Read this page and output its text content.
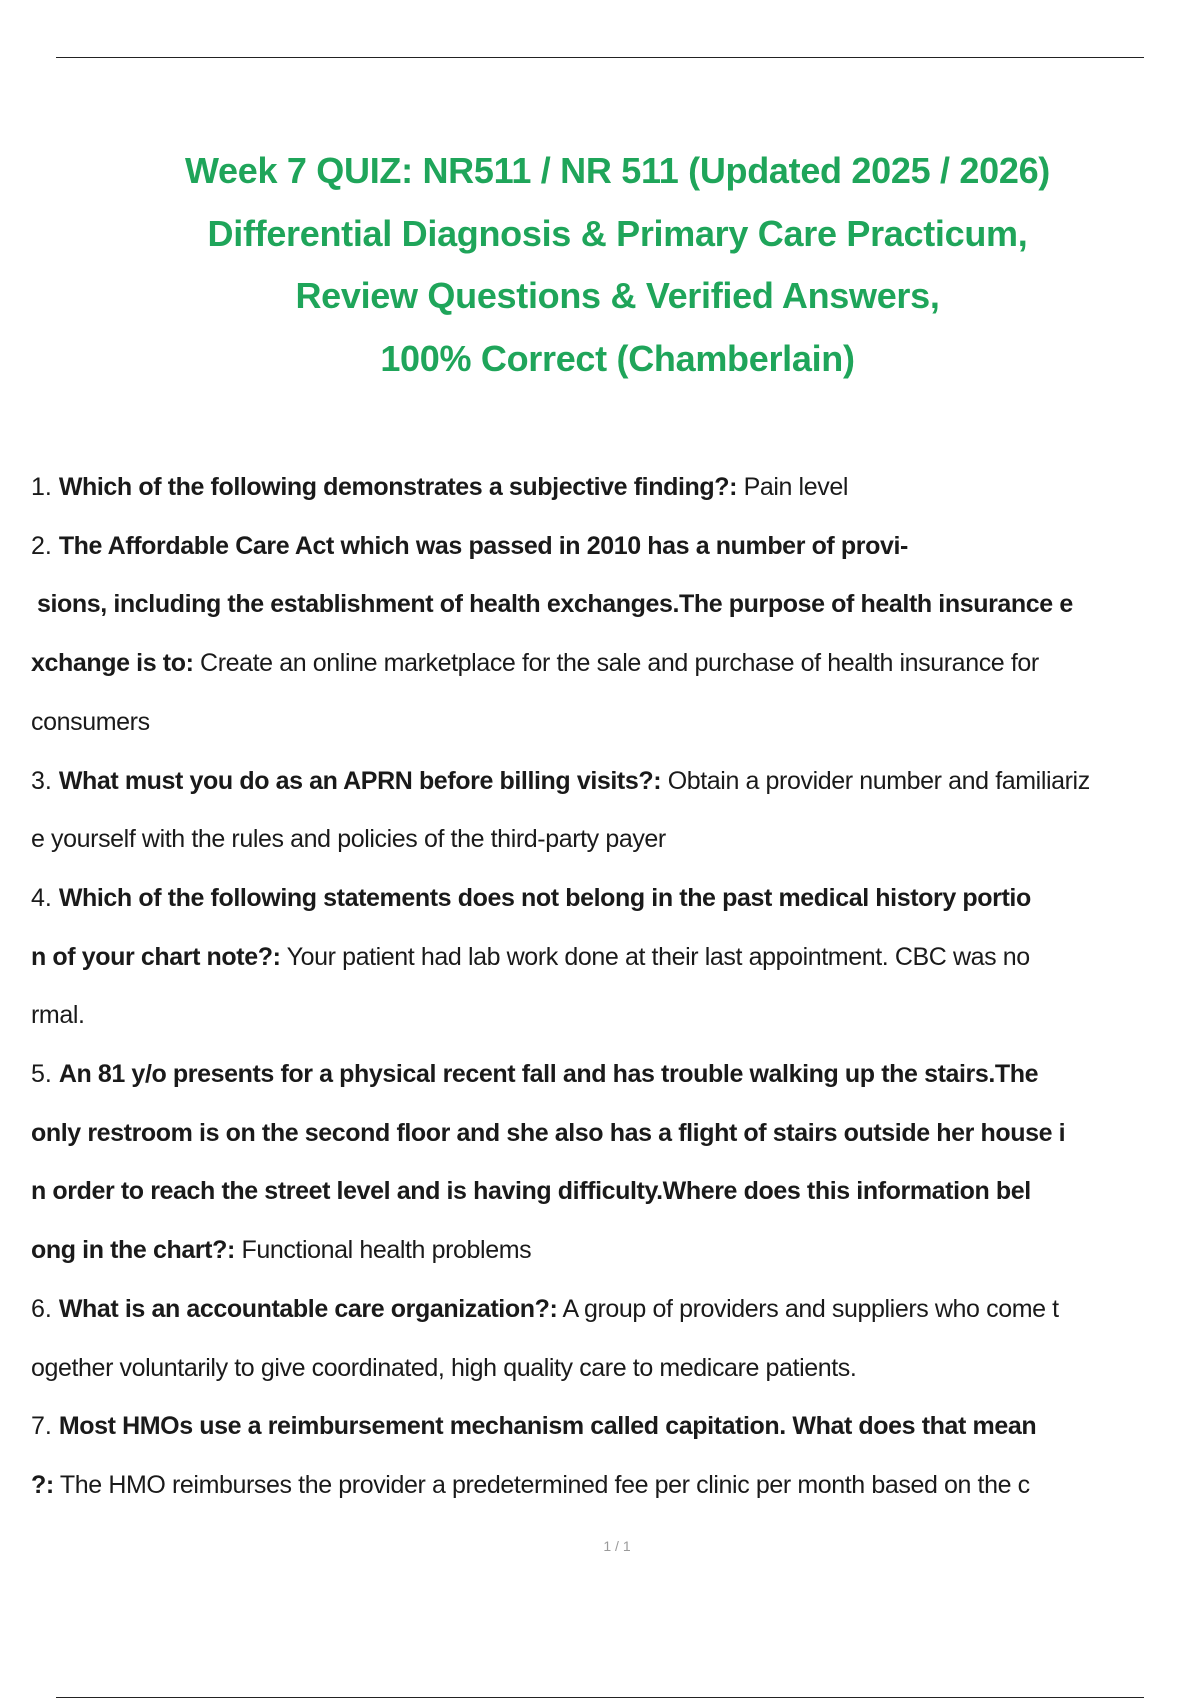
Week 7 QUIZ: NR511 / NR 511 (Updated 2025 / 2026)
Differential Diagnosis & Primary Care Practicum,
Review Questions & Verified Answers,
100% Correct (Chamberlain)
1. Which of the following demonstrates a subjective finding?: Pain level
2. The Affordable Care Act which was passed in 2010 has a number of provi-
sions, including the establishment of health exchanges.The purpose of health insurance e
xchange is to: Create an online marketplace for the sale and purchase of health insurance for
consumers
3. What must you do as an APRN before billing visits?: Obtain a provider number and familiariz
e yourself with the rules and policies of the third-party payer
4. Which of the following statements does not belong in the past medical history portio
n of your chart note?: Your patient had lab work done at their last appointment. CBC was no
rmal.
5. An 81 y/o presents for a physical recent fall and has trouble walking up the stairs.The
only restroom is on the second floor and she also has a flight of stairs outside her house i
n order to reach the street level and is having difficulty.Where does this information bel
ong in the chart?: Functional health problems
6. What is an accountable care organization?: A group of providers and suppliers who come t
ogether voluntarily to give coordinated, high quality care to medicare patients.
7. Most HMOs use a reimbursement mechanism called capitation. What does that mean
?: The HMO reimburses the provider a predetermined fee per clinic per month based on the c
1 / 1
